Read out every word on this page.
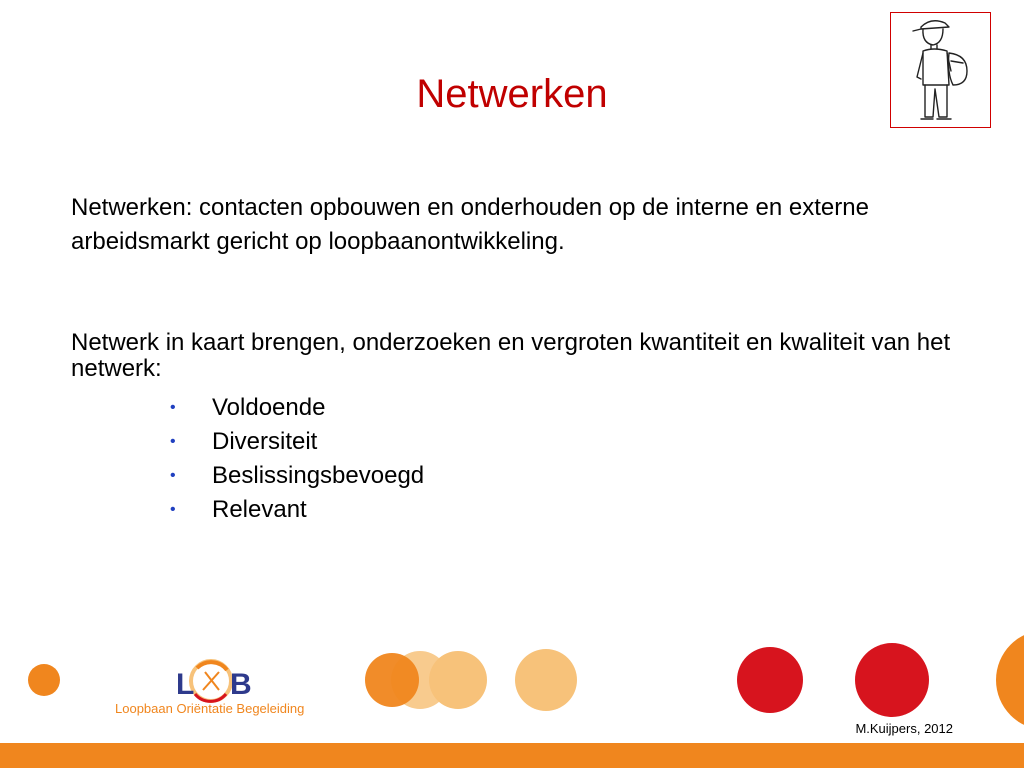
Netwerken
Netwerken: contacten opbouwen en onderhouden op de interne en externe arbeidsmarkt gericht op loopbaanontwikkeling.
Netwerk in kaart brengen, onderzoeken en vergroten kwantiteit en kwaliteit van het netwerk:
• Voldoende
• Diversiteit
• Beslissingsbevoegd
• Relevant
L B
Loopbaan Oriëntatie Begeleiding
M.Kuijpers, 2012
